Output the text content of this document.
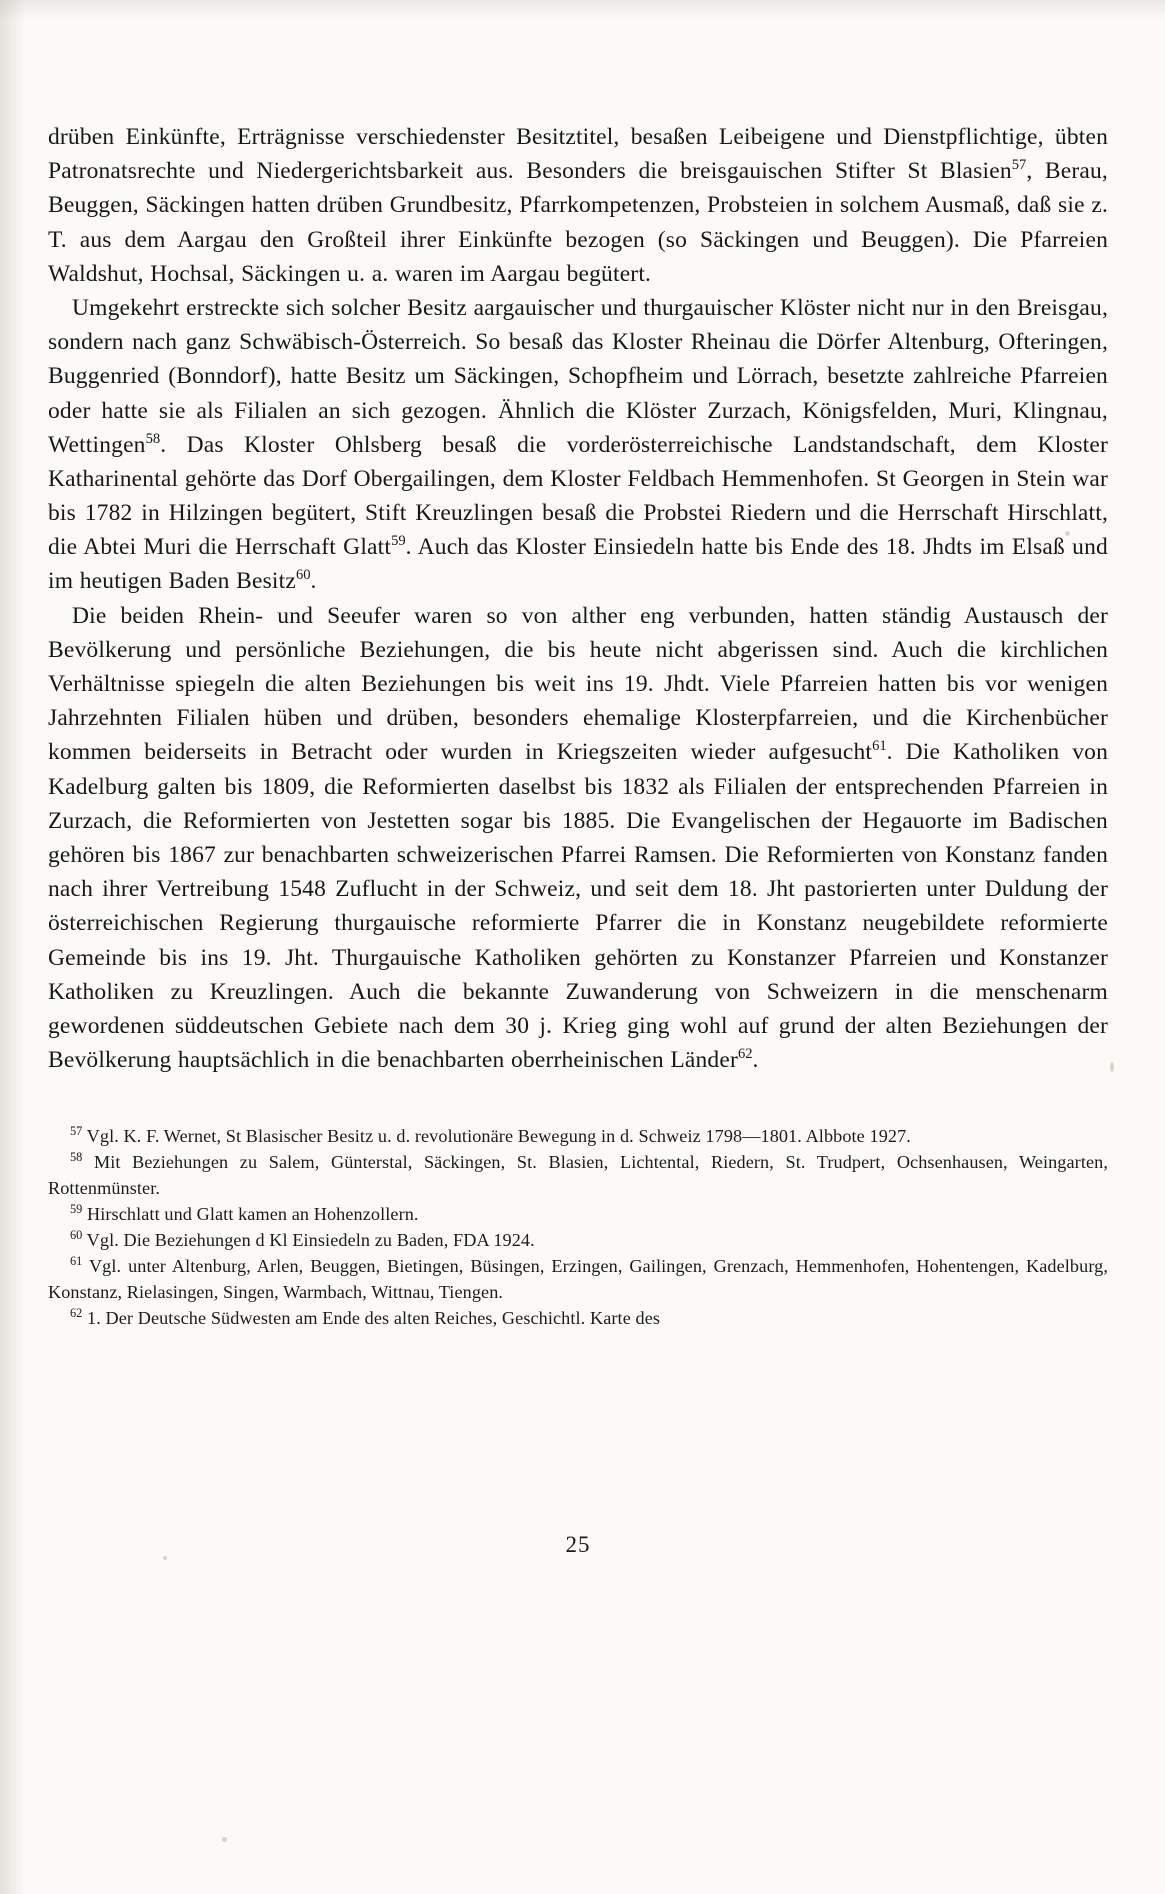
drüben Einkünfte, Erträgnisse verschiedenster Besitztitel, besaßen Leibeigene und Dienstpflichtige, übten Patronatsrechte und Niedergerichtsbarkeit aus. Besonders die breisgauischen Stifter St Blasien$^{57}$, Berau, Beuggen, Säckingen hatten drüben Grundbesitz, Pfarrkompetenzen, Probsteien in solchem Ausmaß, daß sie z. T. aus dem Aargau den Großteil ihrer Einkünfte bezogen (so Säckingen und Beuggen). Die Pfarreien Waldshut, Hochsal, Säckingen u. a. waren im Aargau begütert.

Umgekehrt erstreckte sich solcher Besitz aargauischer und thurgauischer Klöster nicht nur in den Breisgau, sondern nach ganz Schwäbisch-Österreich. So besaß das Kloster Rheinau die Dörfer Altenburg, Ofteringen, Buggenried (Bonndorf), hatte Besitz um Säckingen, Schopfheim und Lörrach, besetzte zahlreiche Pfarreien oder hatte sie als Filialen an sich gezogen. Ähnlich die Klöster Zurzach, Königsfelden, Muri, Klingnau, Wettingen$^{58}$. Das Kloster Ohlsberg besaß die vorderösterreichische Landstandschaft, dem Kloster Katharinental gehörte das Dorf Obergailingen, dem Kloster Feldbach Hemmenhofen. St Georgen in Stein war bis 1782 in Hilzingen begütert, Stift Kreuzlingen besaß die Probstei Riedern und die Herrschaft Hirschlatt, die Abtei Muri die Herrschaft Glatt$^{59}$. Auch das Kloster Einsiedeln hatte bis Ende des 18. Jhdts im Elsaß und im heutigen Baden Besitz$^{60}$.

Die beiden Rhein- und Seeufer waren so von alther eng verbunden, hatten ständig Austausch der Bevölkerung und persönliche Beziehungen, die bis heute nicht abgerissen sind. Auch die kirchlichen Verhältnisse spiegeln die alten Beziehungen bis weit ins 19. Jhdt. Viele Pfarreien hatten bis vor wenigen Jahrzehnten Filialen hüben und drüben, besonders ehemalige Klosterpfarreien, und die Kirchenbücher kommen beiderseits in Betracht oder wurden in Kriegszeiten wieder aufgesucht$^{61}$. Die Katholiken von Kadelburg galten bis 1809, die Reformierten daselbst bis 1832 als Filialen der entsprechenden Pfarreien in Zurzach, die Reformierten von Jestetten sogar bis 1885. Die Evangelischen der Hegauorte im Badischen gehören bis 1867 zur benachbarten schweizerischen Pfarrei Ramsen. Die Reformierten von Konstanz fanden nach ihrer Vertreibung 1548 Zuflucht in der Schweiz, und seit dem 18. Jht pastorierten unter Duldung der österreichischen Regierung thurgauische reformierte Pfarrer die in Konstanz neugebildete reformierte Gemeinde bis ins 19. Jht. Thurgauische Katholiken gehörten zu Konstanzer Pfarreien und Konstanzer Katholiken zu Kreuzlingen. Auch die bekannte Zuwanderung von Schweizern in die menschenarm gewordenen süddeutschen Gebiete nach dem 30 j. Krieg ging wohl auf grund der alten Beziehungen der Bevölkerung hauptsächlich in die benachbarten oberrheinischen Länder$^{62}$.

$^{57}$ Vgl. K. F. Wernet, St Blasischer Besitz u. d. revolutionäre Bewegung in d. Schweiz 1798—1801. Albbote 1927.

$^{58}$ Mit Beziehungen zu Salem, Günterstal, Säckingen, St. Blasien, Lichtental, Riedern, St. Trudpert, Ochsenhausen, Weingarten, Rottenmünster.

$^{59}$ Hirschlatt und Glatt kamen an Hohenzollern.

$^{60}$ Vgl. Die Beziehungen d Kl Einsiedeln zu Baden, FDA 1924.

$^{61}$ Vgl. unter Altenburg, Arlen, Beuggen, Bietingen, Büsingen, Erzingen, Gailingen, Grenzach, Hemmenhofen, Hohentengen, Kadelburg, Konstanz, Rielasingen, Singen, Warmbach, Wittnau, Tiengen.

$^{62}$ 1. Der Deutsche Südwesten am Ende des alten Reiches, Geschichtl. Karte des

25
